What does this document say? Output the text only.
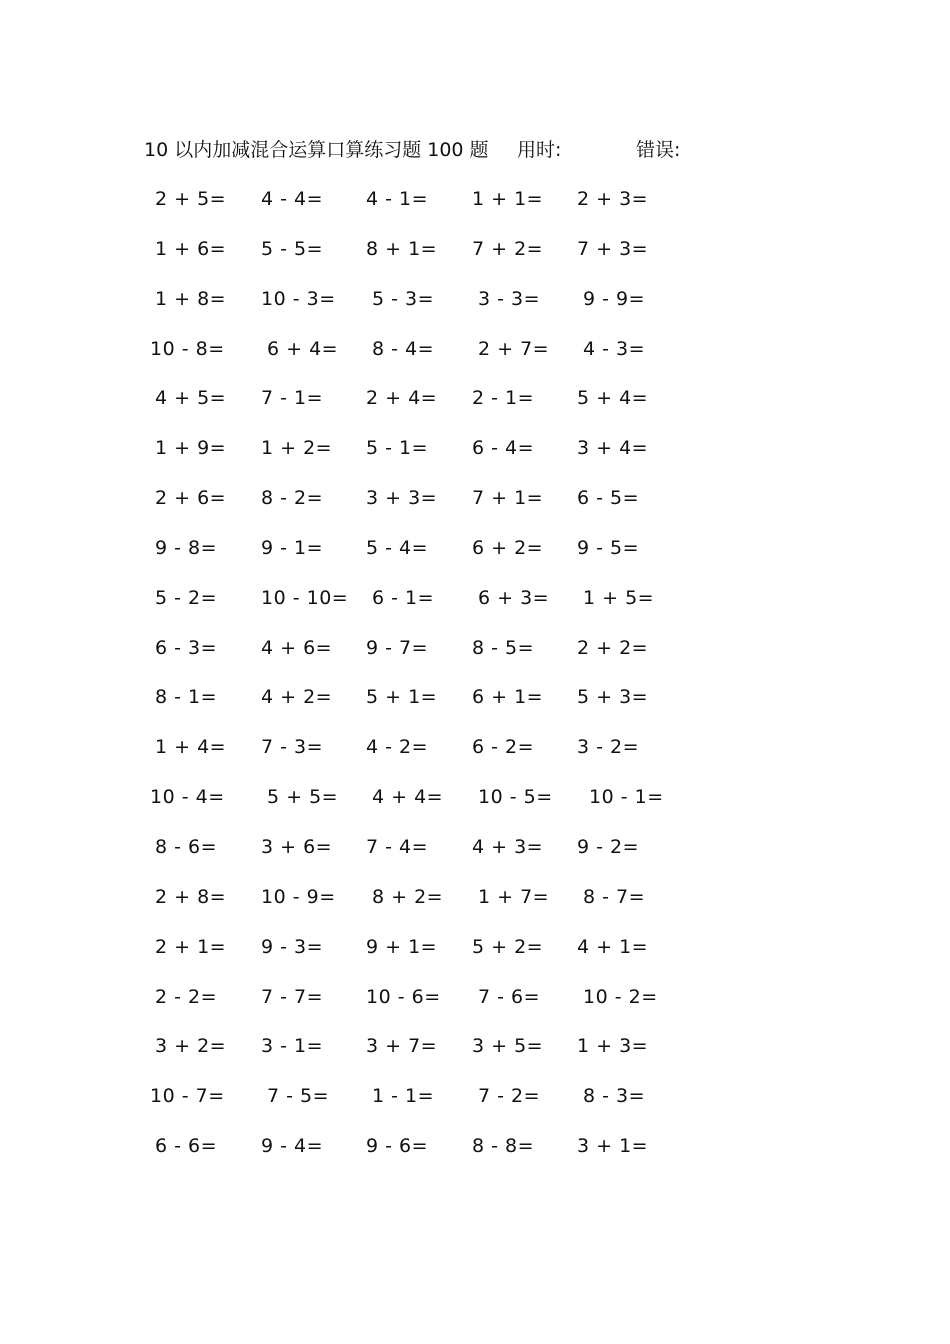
10 以内加减混合运算口算练习题 100 题 用时:	错误:
2 + 5= 4 - 4= 4 - 1= 1 + 1= 2 + 3=
1 + 6= 5 - 5= 8 + 1= 7 + 2= 7 + 3=
1 + 8= 10 - 3= 5 - 3= 3 - 3= 9 - 9=
10 - 8= 6 + 4= 8 - 4= 2 + 7= 4 - 3=
4 + 5= 7 - 1= 2 + 4= 2 - 1= 5 + 4=
1 + 9= 1 + 2= 5 - 1= 6 - 4= 3 + 4=
2 + 6= 8 - 2= 3 + 3= 7 + 1= 6 - 5=
9 - 8= 9 - 1= 5 - 4= 6 + 2= 9 - 5=
5 - 2= 10 - 10= 6 - 1= 6 + 3= 1 + 5=
6 - 3= 4 + 6= 9 - 7= 8 - 5= 2 + 2=
8 - 1= 4 + 2= 5 + 1= 6 + 1= 5 + 3=
1 + 4= 7 - 3= 4 - 2= 6 - 2= 3 - 2=
10 - 4= 5 + 5= 4 + 4= 10 - 5= 10 - 1=
8 - 6= 3 + 6= 7 - 4= 4 + 3= 9 - 2=
2 + 8= 10 - 9= 8 + 2= 1 + 7= 8 - 7=
2 + 1= 9 - 3= 9 + 1= 5 + 2= 4 + 1=
2 - 2= 7 - 7= 10 - 6= 7 - 6= 10 - 2=
3 + 2= 3 - 1= 3 + 7= 3 + 5= 1 + 3=
10 - 7= 7 - 5= 1 - 1= 7 - 2= 8 - 3=
6 - 6= 9 - 4= 9 - 6= 8 - 8= 3 + 1=
